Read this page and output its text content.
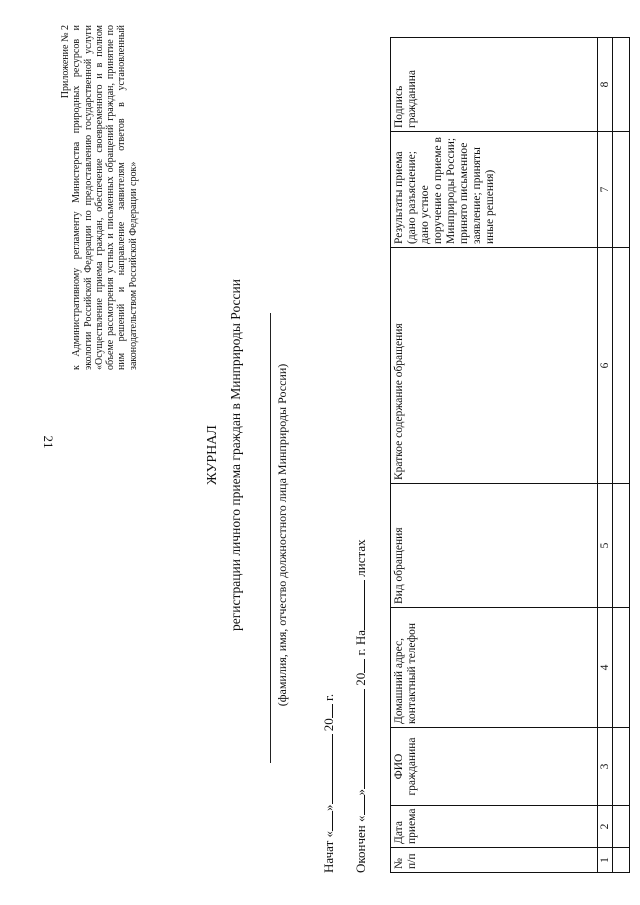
21
Приложение № 2 к Административному регламенту Министерства природных ресурсов и экологии Российской Федерации по предоставлению государственной услуги «Осуществление приема граждан, обеспечение своевременного и в полном объеме рассмотрения устных и письменных обращений граждан, принятие по ним решений и направление заявителям ответов в установленный законодательством Российской Федерации срок»
ЖУРНАЛ регистрации личного приема граждан в Минприроды России	(фамилия, имя, отчество должностного лица Минприроды России)
Начат «» 20 г.
Окончен «» 20 г. На листах
№ п/п	Дата приема	ФИО гражданина	Домашний адрес, контактный телефон	Вид обращения	Краткое содержание обращения	Результаты приема (дано разъяснение; дано устное поручение о приеме в Минприроды России; принято письменное заявление; приняты иные решения)	Подпись гражданина
1	2	3	4	5	6	7	8
